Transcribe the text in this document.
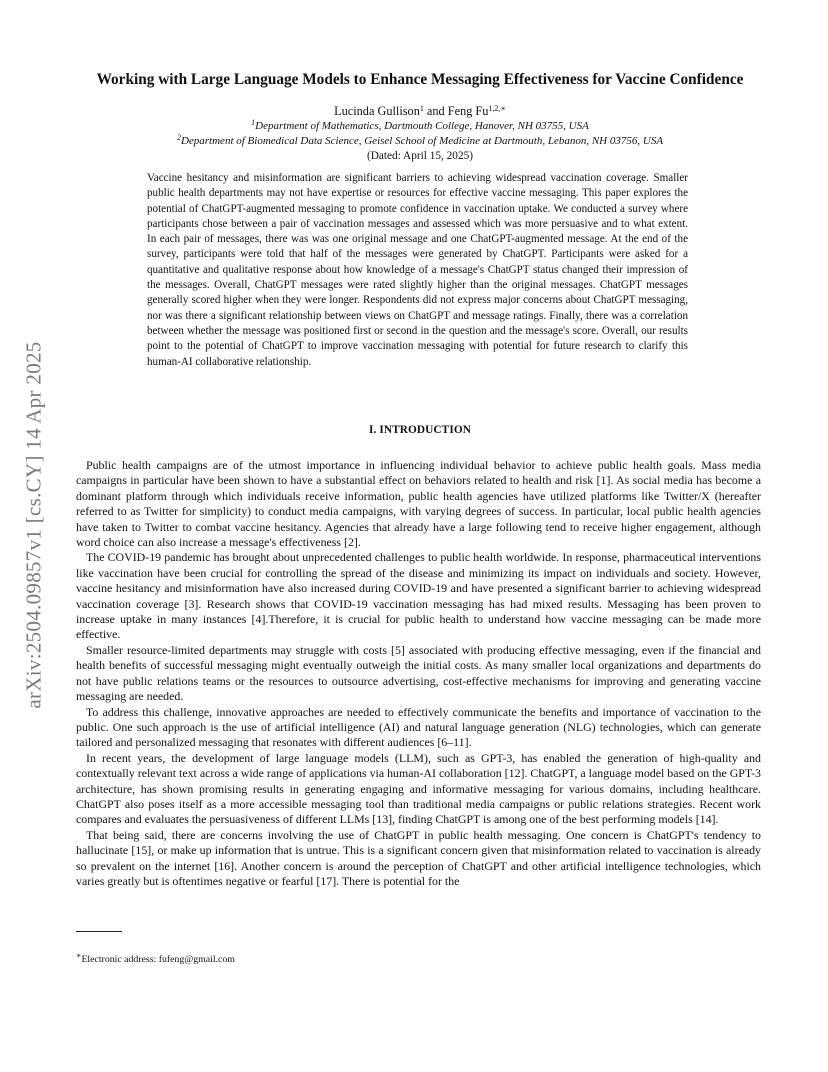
arXiv:2504.09857v1 [cs.CY] 14 Apr 2025
Working with Large Language Models to Enhance Messaging Effectiveness for Vaccine Confidence
Lucinda Gullison$^1$ and Feng $Fu^{1,2,∗}$
$^1$Department of Mathematics, Dartmouth College, Hanover, NH 03755, USA
$^2$Department of Biomedical Data Science, Geisel School of Medicine at Dartmouth, Lebanon, NH 03756, USA
(Dated: April 15, 2025)
Vaccine hesitancy and misinformation are significant barriers to achieving widespread vaccination coverage. Smaller public health departments may not have expertise or resources for effective vaccine messaging. This paper explores the potential of ChatGPT-augmented messaging to promote confidence in vaccination uptake. We conducted a survey where participants chose between a pair of vaccination messages and assessed which was more persuasive and to what extent. In each pair of messages, there was was one original message and one ChatGPT-augmented message. At the end of the survey, participants were told that half of the messages were generated by ChatGPT. Participants were asked for a quantitative and qualitative response about how knowledge of a message's ChatGPT status changed their impression of the messages. Overall, ChatGPT messages were rated slightly higher than the original messages. ChatGPT messages generally scored higher when they were longer. Respondents did not express major concerns about ChatGPT messaging, nor was there a significant relationship between views on ChatGPT and message ratings. Finally, there was a correlation between whether the message was positioned first or second in the question and the message's score. Overall, our results point to the potential of ChatGPT to improve vaccination messaging with potential for future research to clarify this human-AI collaborative relationship.
I. INTRODUCTION

Public health campaigns are of the utmost importance in influencing individual behavior to achieve public health goals. Mass media campaigns in particular have been shown to have a substantial effect on behaviors related to health and risk [1]. As social media has become a dominant platform through which individuals receive information, public health agencies have utilized platforms like Twitter/X (hereafter referred to as Twitter for simplicity) to conduct media campaigns, with varying degrees of success. In particular, local public health agencies have taken to Twitter to combat vaccine hesitancy. Agencies that already have a large following tend to receive higher engagement, although word choice can also increase a message's effectiveness [2].

The COVID-19 pandemic has brought about unprecedented challenges to public health worldwide. In response, pharmaceutical interventions like vaccination have been crucial for controlling the spread of the disease and minimizing its impact on individuals and society. However, vaccine hesitancy and misinformation have also increased during COVID-19 and have presented a significant barrier to achieving widespread vaccination coverage [3]. Research shows that COVID-19 vaccination messaging has had mixed results. Messaging has been proven to increase uptake in many instances [4].Therefore, it is crucial for public health to understand how vaccine messaging can be made more effective.

Smaller resource-limited departments may struggle with costs [5] associated with producing effective messaging, even if the financial and health benefits of successful messaging might eventually outweigh the initial costs. As many smaller local organizations and departments do not have public relations teams or the resources to outsource advertising, cost-effective mechanisms for improving and generating vaccine messaging are needed.

To address this challenge, innovative approaches are needed to effectively communicate the benefits and importance of vaccination to the public. One such approach is the use of artificial intelligence (AI) and natural language generation (NLG) technologies, which can generate tailored and personalized messaging that resonates with different audiences [6–11].

In recent years, the development of large language models (LLM), such as GPT-3, has enabled the generation of high-quality and contextually relevant text across a wide range of applications via human-AI collaboration [12]. ChatGPT, a language model based on the GPT-3 architecture, has shown promising results in generating engaging and informative messaging for various domains, including healthcare. ChatGPT also poses itself as a more accessible messaging tool than traditional media campaigns or public relations strategies. Recent work compares and evaluates the persuasiveness of different LLMs [13], finding ChatGPT is among one of the best performing models [14].

That being said, there are concerns involving the use of ChatGPT in public health messaging. One concern is ChatGPT's tendency to hallucinate [15], or make up information that is untrue. This is a significant concern given that misinformation related to vaccination is already so prevalent on the internet [16]. Another concern is around the perception of ChatGPT and other artificial intelligence technologies, which varies greatly but is oftentimes negative or fearful [17]. There is potential for the

∗Electronic address: fufeng@gmail.com
